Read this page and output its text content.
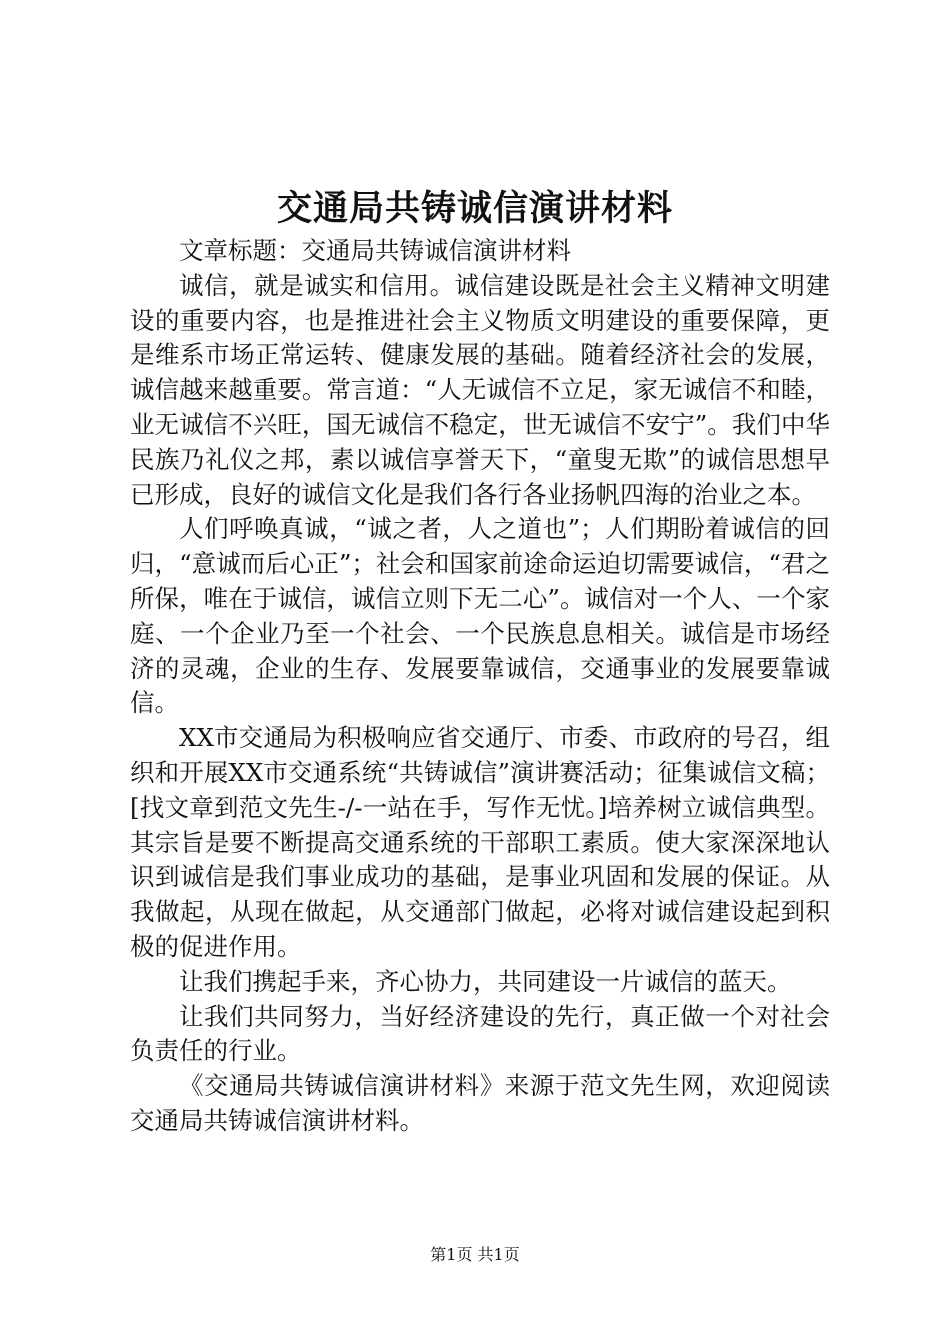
交通局共铸诚信演讲材料

文章标题：交通局共铸诚信演讲材料

诚信，就是诚实和信用。诚信建设既是社会主义精神文明建设的重要内容，也是推进社会主义物质文明建设的重要保障，更是维系市场正常运转、健康发展的基础。随着经济社会的发展，诚信越来越重要。常言道：“人无诚信不立足，家无诚信不和睦，业无诚信不兴旺，国无诚信不稳定，世无诚信不安宁”。我们中华民族乃礼仪之邦，素以诚信享誉天下，“童叟无欺”的诚信思想早已形成，良好的诚信文化是我们各行各业扬帆四海的治业之本。

人们呼唤真诚，“诚之者，人之道也”；人们期盼着诚信的回归，“意诚而后心正”；社会和国家前途命运迫切需要诚信，“君之所保，唯在于诚信，诚信立则下无二心”。诚信对一个人、一个家庭、一个企业乃至一个社会、一个民族息息相关。诚信是市场经济的灵魂，企业的生存、发展要靠诚信，交通事业的发展要靠诚信。

XX市交通局为积极响应省交通厅、市委、市政府的号召，组织和开展XX市交通系统“共铸诚信”演讲赛活动；征集诚信文稿；[找文章到范文先生-/-一站在手，写作无忧。]培养树立诚信典型。其宗旨是要不断提高交通系统的干部职工素质。使大家深深地认识到诚信是我们事业成功的基础，是事业巩固和发展的保证。从我做起，从现在做起，从交通部门做起，必将对诚信建设起到积极的促进作用。

让我们携起手来，齐心协力，共同建设一片诚信的蓝天。

让我们共同努力，当好经济建设的先行，真正做一个对社会负责任的行业。

《交通局共铸诚信演讲材料》来源于范文先生网，欢迎阅读交通局共铸诚信演讲材料。

第1页 共1页
